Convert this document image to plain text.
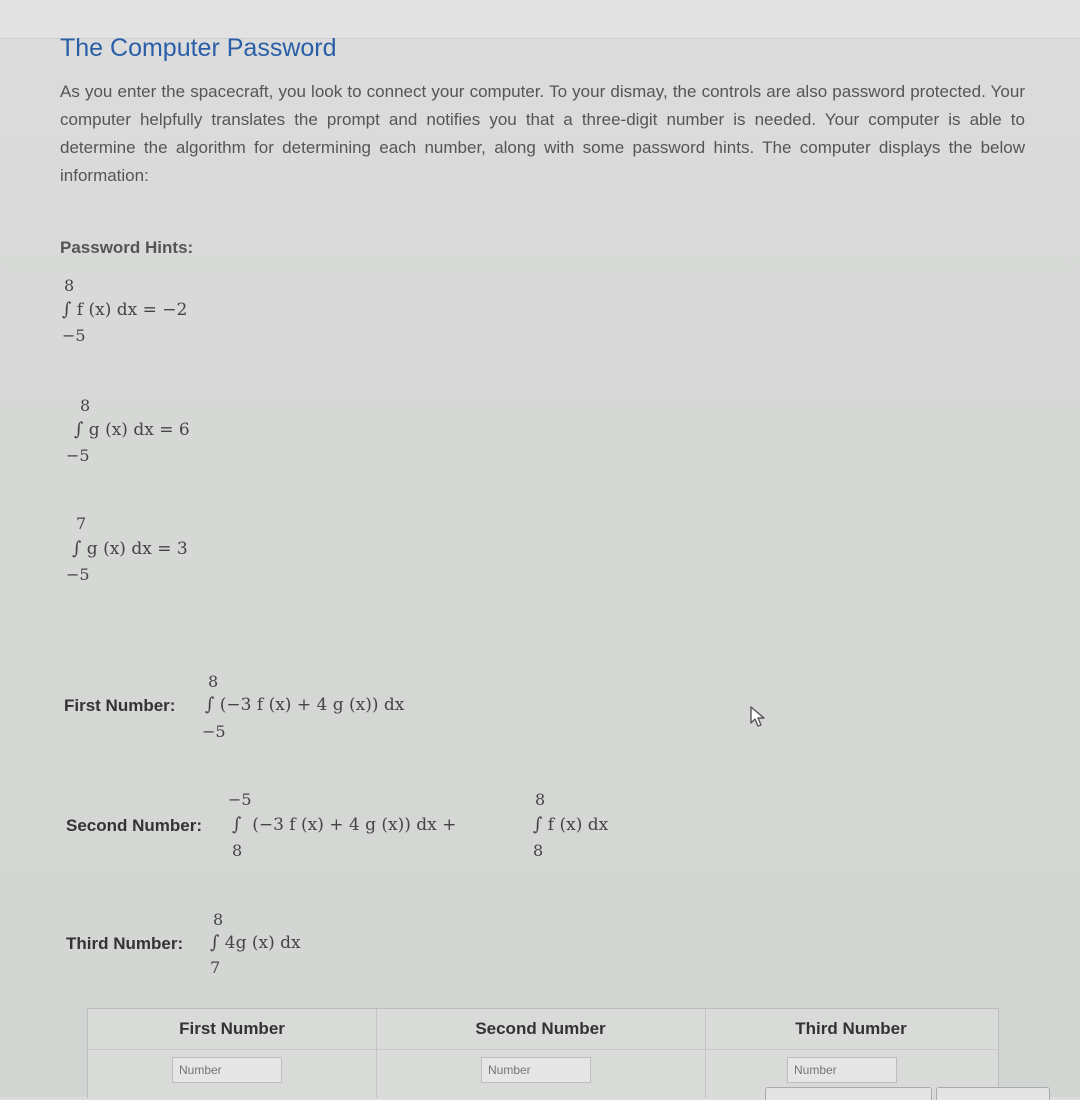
The Computer Password
As you enter the spacecraft, you look to connect your computer. To your dismay, the controls are also password protected. Your computer helpfully translates the prompt and notifies you that a three-digit number is needed. Your computer is able to determine the algorithm for determining each number, along with some password hints. The computer displays the below information:
Password Hints:
8
∫ f (x) dx = −2
−5
8
∫ g (x) dx = 6
−5
7
∫ g (x) dx = 3
−5
First Number:
8
∫ (−3 f (x) + 4 g (x)) dx
−5
Second Number:
−5
∫ (−3 f (x) + 4 g (x)) dx +
8
8
∫ f (x) dx
8
Third Number:
8
∫ 4g (x) dx
7
First Number
Number	Second Number
Number	Third Number
Number
